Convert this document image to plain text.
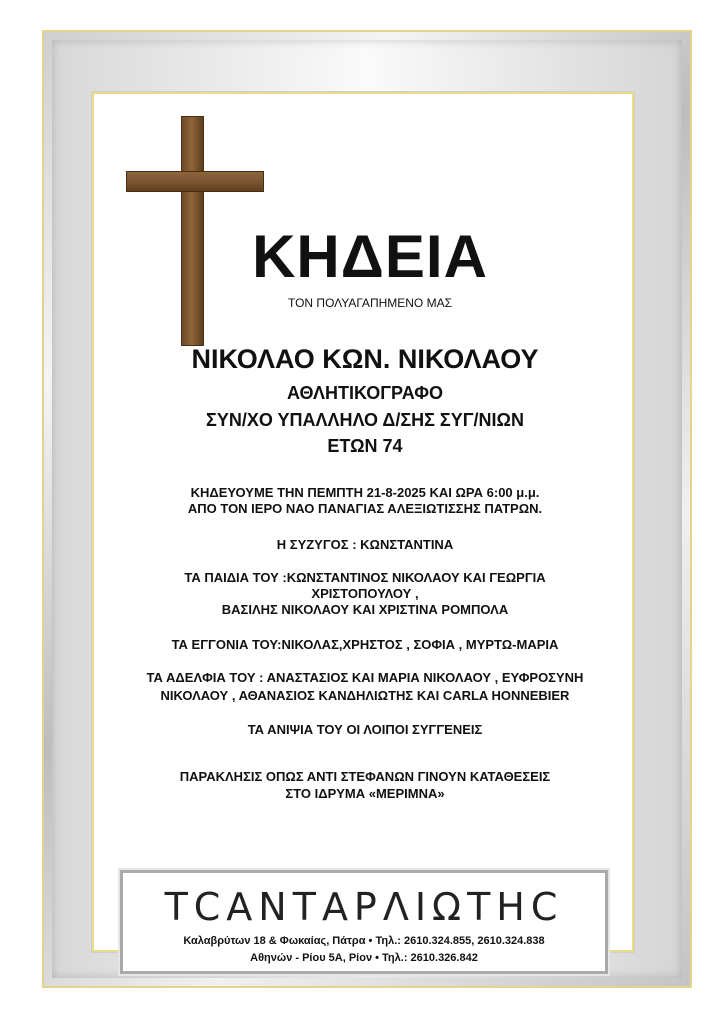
ΚΗΔΕΙΑ

ΤΟΝ ΠΟΛΥΑΓΑΠΗΜΕΝΟ ΜΑΣ

ΝΙΚΟΛΑΟ ΚΩΝ. ΝΙΚΟΛΑΟΥ

ΑΘΛΗΤΙΚΟΓΡΑΦΟ

ΣΥΝ/ΧΟ ΥΠΑΛΛΗΛΟ Δ/ΣΗΣ ΣΥΓ/ΝΙΩΝ

ΕΤΩΝ 74

ΚΗΔΕΥΟΥΜΕ ΤΗΝ ΠΕΜΠΤΗ 21-8-2025 ΚΑΙ ΩΡΑ 6:00 μ.μ.

ΑΠΟ ΤΟΝ ΙΕΡΟ ΝΑΟ ΠΑΝΑΓΙΑΣ ΑΛΕΞΙΩΤΙΣΣΗΣ ΠΑΤΡΩΝ.

Η ΣΥΖΥΓΟΣ : ΚΩΝΣΤΑΝΤΙΝΑ

ΤΑ ΠΑΙΔΙΑ ΤΟΥ :ΚΩΝΣΤΑΝΤΙΝΟΣ ΝΙΚΟΛΑΟΥ ΚΑΙ ΓΕΩΡΓΙΑ

ΧΡΙΣΤΟΠΟΥΛΟΥ ,

ΒΑΣΙΛΗΣ ΝΙΚΟΛΑΟΥ ΚΑΙ ΧΡΙΣΤΙΝΑ ΡΟΜΠΟΛΑ

ΤΑ ΕΓΓΟΝΙΑ ΤΟΥ:ΝΙΚΟΛΑΣ,ΧΡΗΣΤΟΣ , ΣΟΦΙΑ , ΜΥΡΤΩ-ΜΑΡΙΑ

ΤΑ ΑΔΕΛΦΙΑ ΤΟΥ : ΑΝΑΣΤΑΣΙΟΣ ΚΑΙ ΜΑΡΙΑ ΝΙΚΟΛΑΟΥ , ΕΥΦΡΟΣΥΝΗ

ΝΙΚΟΛΑΟΥ , ΑΘΑΝΑΣΙΟΣ ΚΑΝΔΗΛΙΩΤΗΣ ΚΑΙ CARLA HONNEBIER

ΤΑ ΑΝΙΨΙΑ ΤΟΥ ΟΙ ΛΟΙΠΟΙ ΣΥΓΓΕΝΕΙΣ

ΠΑΡΑΚΛΗΣΙΣ ΟΠΩΣ ΑΝΤΙ ΣΤΕΦΑΝΩΝ ΓΙΝΟΥΝ ΚΑΤΑΘΕΣΕΙΣ

ΣΤΟ ΙΔΡΥΜΑ «ΜΕΡΙΜΝΑ»

ΤCΑΝΤΑΡΛΙΩΤΗC

Καλαβρύτων 18 & Φωκαίας, Πάτρα • Τηλ.: 2610.324.855, 2610.324.838

Αθηνών - Ρίου 5Α, Ρίον • Τηλ.: 2610.326.842
